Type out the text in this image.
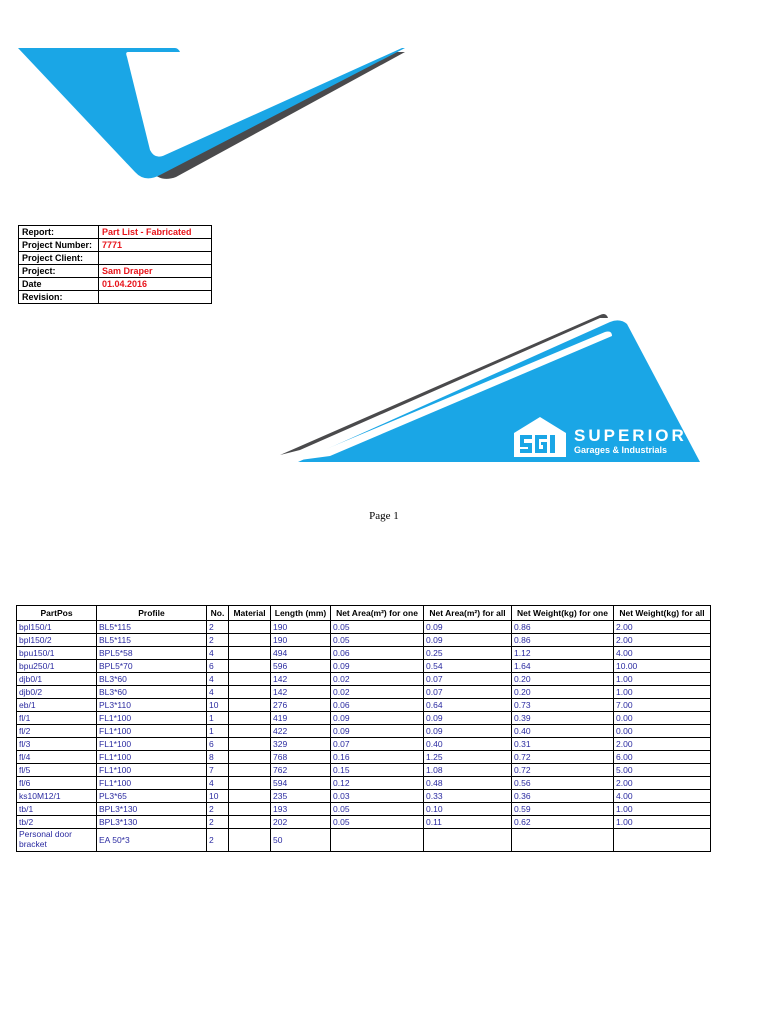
Report:	Part List - Fabricated
Project Number:	7771
Project Client:	
Project:	Sam Draper
Date	01.04.2016
Revision:	
SUPERIOR
Garages & Industrials
Page 1
PartPos	Profile	No.	Material	Length (mm)	Net Area(m²) for one	Net Area(m²) for all	Net Weight(kg) for one	Net Weight(kg) for all
bpl150/1	BL5*115	2		190	0.05	0.09	0.86	2.00
bpl150/2	BL5*115	2		190	0.05	0.09	0.86	2.00
bpu150/1	BPL5*58	4		494	0.06	0.25	1.12	4.00
bpu250/1	BPL5*70	6		596	0.09	0.54	1.64	10.00
djb0/1	BL3*60	4		142	0.02	0.07	0.20	1.00
djb0/2	BL3*60	4		142	0.02	0.07	0.20	1.00
eb/1	PL3*110	10		276	0.06	0.64	0.73	7.00
fl/1	FL1*100	1		419	0.09	0.09	0.39	0.00
fl/2	FL1*100	1		422	0.09	0.09	0.40	0.00
fl/3	FL1*100	6		329	0.07	0.40	0.31	2.00
fl/4	FL1*100	8		768	0.16	1.25	0.72	6.00
fl/5	FL1*100	7		762	0.15	1.08	0.72	5.00
fl/6	FL1*100	4		594	0.12	0.48	0.56	2.00
ks10M12/1	PL3*65	10		235	0.03	0.33	0.36	4.00
tb/1	BPL3*130	2		193	0.05	0.10	0.59	1.00
tb/2	BPL3*130	2		202	0.05	0.11	0.62	1.00
Personal door bracket	EA 50*3	2		50				
